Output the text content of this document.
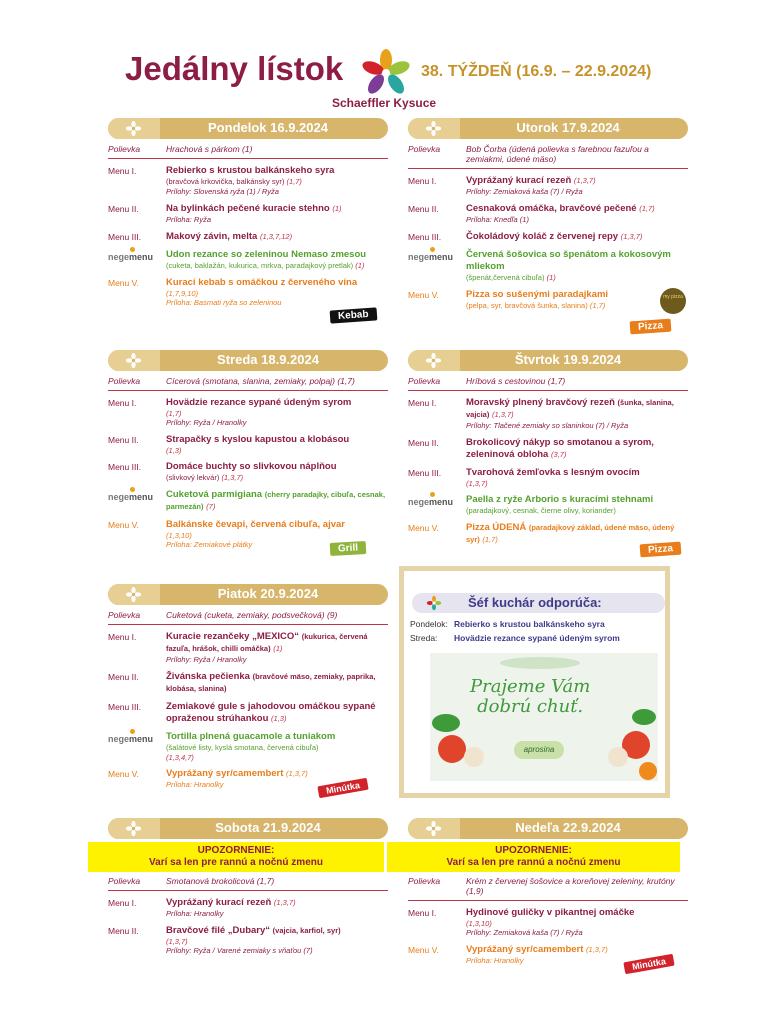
Jedálny lístok	38. TÝŽDEŇ (16.9. – 22.9.2024)
Schaeffler Kysuce
Pondelok 16.9.2024
Polievka	Hrachová s párkom (1)
Menu I.	Rebierko s krustou balkánskeho syra
(bravčová krkovička, balkánsky syr) (1,7)
Prílohy: Slovenská ryža (1) / Ryža
Menu II.	Na bylinkách pečené kuracie stehno (1)
Príloha: Ryža
Menu III.	Makový závin, melta (1,3,7,12)
negemenu	Udon rezance so zeleninou Nemaso zmesou
(cuketa, baklažán, kukurica, mrkva, paradajkový pretlak) (1)
Menu V.	Kurací kebab s omáčkou z červeného vína
(1,7,9,10)
Príloha: Basmati ryža so zeleninou
Kebab
Utorok 17.9.2024
Polievka	Bob Čorba (údená polievka s farebnou fazuľou a zemiakmi, údené mäso)
Menu I.	Vyprážaný kurací rezeň (1,3,7)
Prílohy: Zemiaková kaša (7) / Ryža
Menu II.	Cesnaková omáčka, bravčové pečené (1,7)
Príloha: Knedľa (1)
Menu III.	Čokoládový koláč z červenej repy (1,3,7)
negemenu	Červená šošovica so špenátom a kokosovým mliekom
(špenát,červená cibuľa) (1)
Menu V.	Pizza so sušenými paradajkami
(pelpa, syr, bravčová šunka, slanina) (1,7)
my pizza
Pizza
Streda 18.9.2024
Polievka	Cícerová (smotana, slanina, zemiaky, polpaj) (1,7)
Menu I.	Hovädzie rezance sypané údeným syrom
(1,7)
Prílohy: Ryža / Hranolky
Menu II.	Strapačky s kyslou kapustou a klobásou
(1,3)
Menu III.	Domáce buchty so slivkovou náplňou
(slivkový lekvár) (1,3,7)
negemenu	Cuketová parmigiana (cherry paradajky, cibuľa, cesnak, parmezán) (7)
Menu V.	Balkánske čevapi, červená cibuľa, ajvar
(1,3,10)
Príloha: Zemiakové plátky	Grill
Štvrtok 19.9.2024
Polievka	Hríbová s cestovinou (1,7)
Menu I.	Moravský plnený bravčový rezeň (šunka, slanina, vajcia) (1,3,7)
Prílohy: Tlačené zemiaky so slaninkou (7) / Ryža
Menu II.	Brokolicový nákyp so smotanou a syrom, zeleninová obloha (3,7)
Menu III.	Tvarohová žemľovka s lesným ovocím
(1,3,7)
negemenu	Paella z ryže Arborio s kuracími stehnami
(paradajkový, cesnak, čierne olivy, koriander)
Menu V.	Pizza ÚDENÁ (paradajkový základ, údené mäso, údený syr) (1,7)
Pizza
Piatok 20.9.2024
Polievka	Cuketová (cuketa, zemiaky, podsvečková) (9)
Menu I.	Kuracie rezančeky „MEXICO“ (kukurica, červená fazuľa, hrášok, chilli omáčka) (1)
Prílohy: Ryža / Hranolky
Menu II.	Živánska pečienka (bravčové mäso, zemiaky, paprika, klobása, slanina)
Menu III.	Zemiakové gule s jahodovou omáčkou sypané opraženou strúhankou (1,3)
negemenu	Tortilla plnená guacamole a tuniakom
(šalátové listy, kyslá smotana, červená cibuľa)
(1,3,4,7)
Menu V.	Vyprážaný syr/camembert (1,3,7)
Príloha: Hranolky	Minútka
Šéf kuchár odporúča:
Pondelok: Rebierko s krustou balkánskeho syra
Streda: Hovädzie rezance sypané údeným syrom
Prajeme Vám
dobrú chuť.
aprosina
Sobota 21.9.2024
Polievka	Smotanová brokolicová (1,7)
Menu I.	Vyprážaný kurací rezeň (1,3,7)
Príloha: Hranolky
Menu II.	Bravčové filé „Dubary“ (vajcia, karfiol, syr)
(1,3,7)
Prílohy: Ryža / Varené zemiaky s vňaťou (7)
UPOZORNENIE:
Varí sa len pre rannú a nočnú zmenu
Nedeľa 22.9.2024
Polievka	Krém z červenej šošovice a koreňovej zeleniny, krutóny (1,9)
Menu I.	Hydinové guličky v pikantnej omáčke
(1,3,10)
Prílohy: Zemiaková kaša (7) / Ryža
Menu V.	Vyprážaný syr/camembert (1,3,7)
Príloha: Hranolky
UPOZORNENIE:
Varí sa len pre rannú a nočnú zmenu
Minútka
